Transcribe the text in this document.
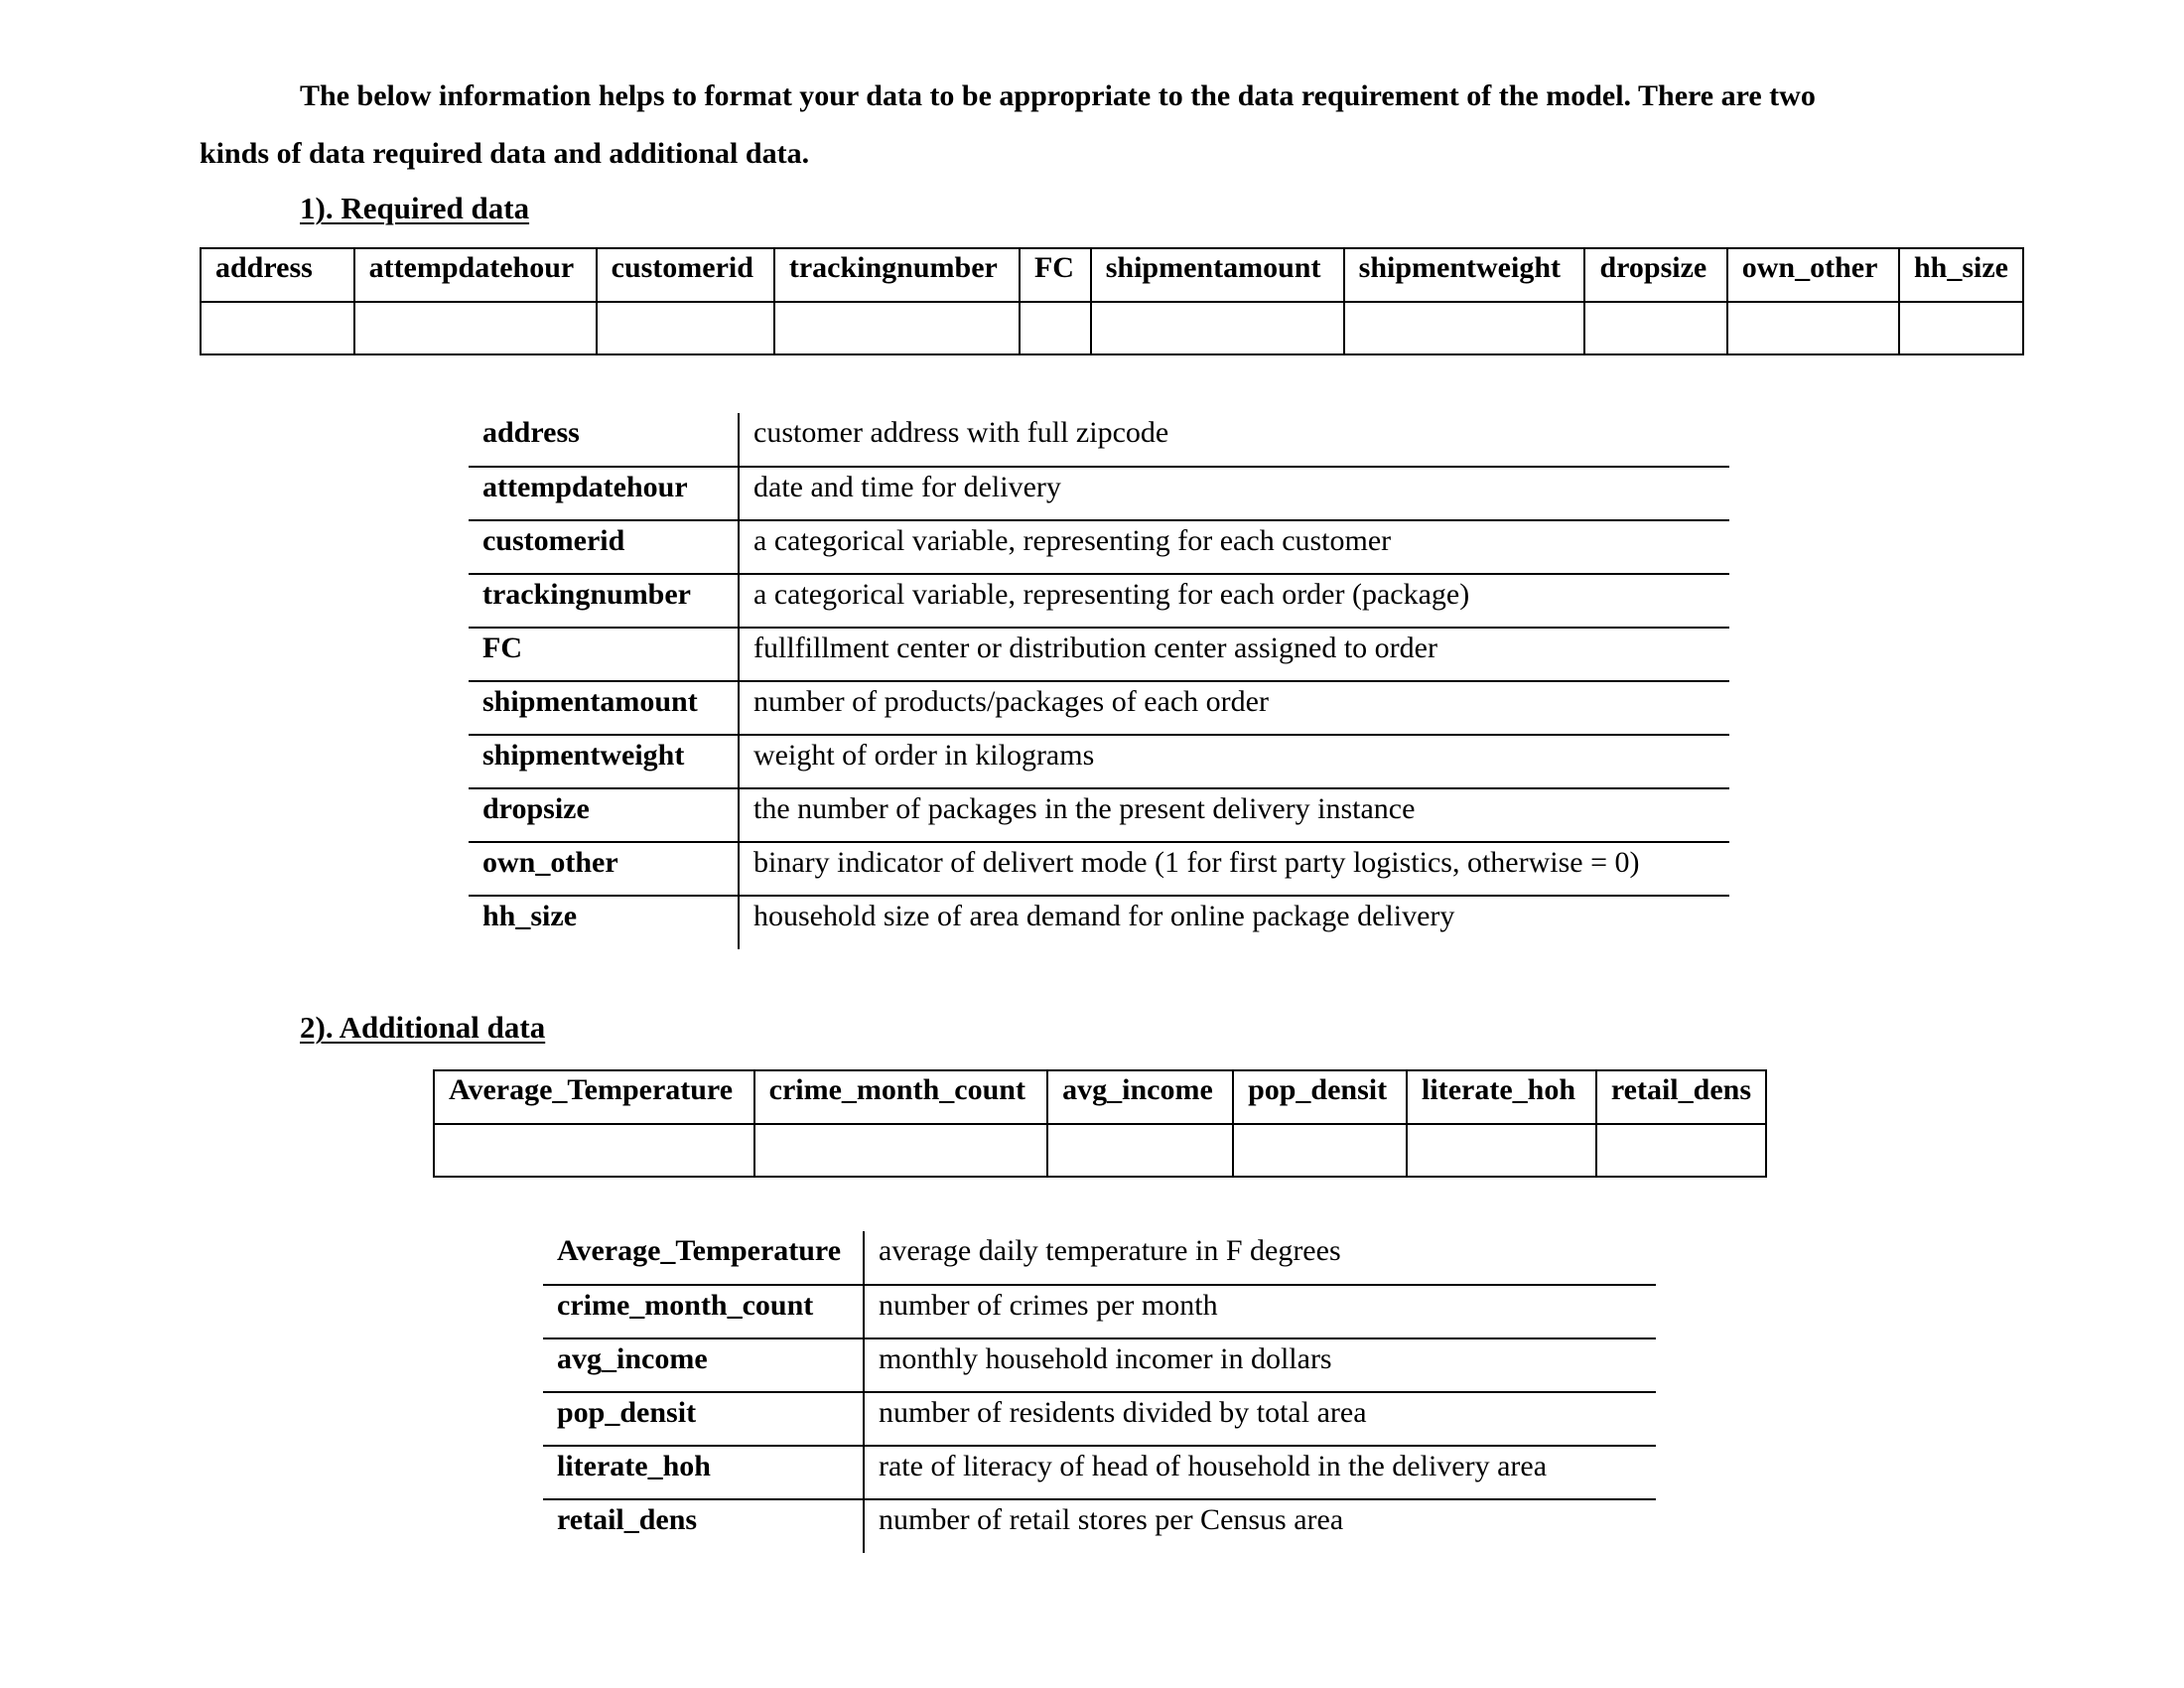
The below information helps to format your data to be appropriate to the data requirement of the model. There are two
kinds of data required data and additional data.
1). Required data
address	attempdatehour	customerid	trackingnumber	FC	shipmentamount	shipmentweight	dropsize	own_other	hh_size

address	customer address with full zipcode
attempdatehour	date and time for delivery
customerid	a categorical variable, representing for each customer
trackingnumber	a categorical variable, representing for each order (package)
FC	fullfillment center or distribution center assigned to order
shipmentamount	number of products/packages of each order
shipmentweight	weight of order in kilograms
dropsize	the number of packages in the present delivery instance
own_other	binary indicator of delivert mode (1 for first party logistics, otherwise = 0)
hh_size	household size of area demand for online package delivery
2). Additional data
Average_Temperature	crime_month_count	avg_income	pop_densit	literate_hoh	retail_dens

Average_Temperature	average daily temperature in F degrees
crime_month_count	number of crimes per month
avg_income	monthly household incomer in dollars
pop_densit	number of residents divided by total area
literate_hoh	rate of literacy of head of household in the delivery area
retail_dens	number of retail stores per Census area
